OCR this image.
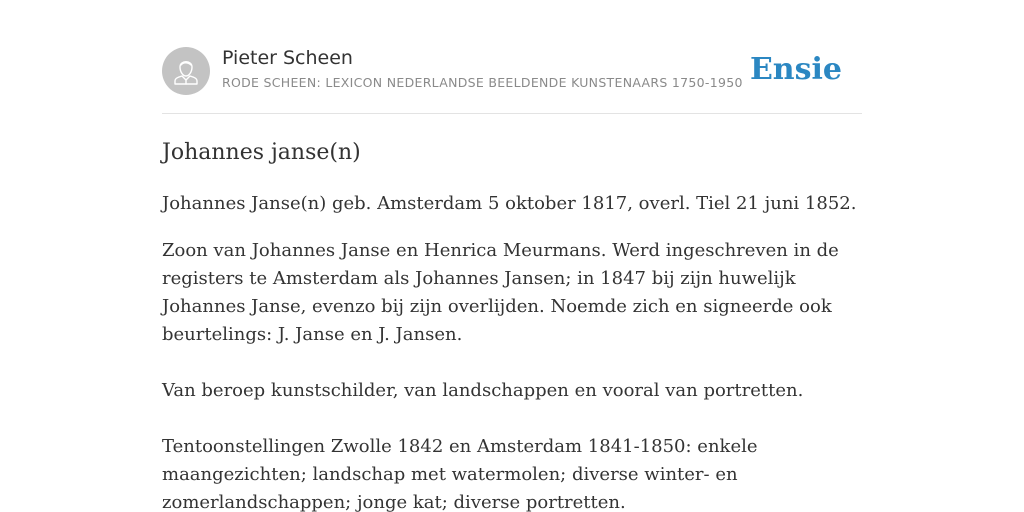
Pieter Scheen
RODE SCHEEN: LEXICON NEDERLANDSE BEELDENDE KUNSTENAARS 1750-1950 Ensie
Johannes janse(n)

Johannes Janse(n) geb. Amsterdam 5 oktober 1817, overl. Tiel 21 juni 1852.

Zoon van Johannes Janse en Henrica Meurmans. Werd ingeschreven in de registers te Amsterdam als Johannes Jansen; in 1847 bij zijn huwelijk Johannes Janse, evenzo bij zijn overlijden. Noemde zich en signeerde ook beurtelings: J. Janse en J. Jansen.

Van beroep kunstschilder, van landschappen en vooral van portretten.

Tentoonstellingen Zwolle 1842 en Amsterdam 1841-1850: enkele maangezichten; landschap met watermolen; diverse winter- en zomerlandschappen; jonge kat; diverse portretten.
